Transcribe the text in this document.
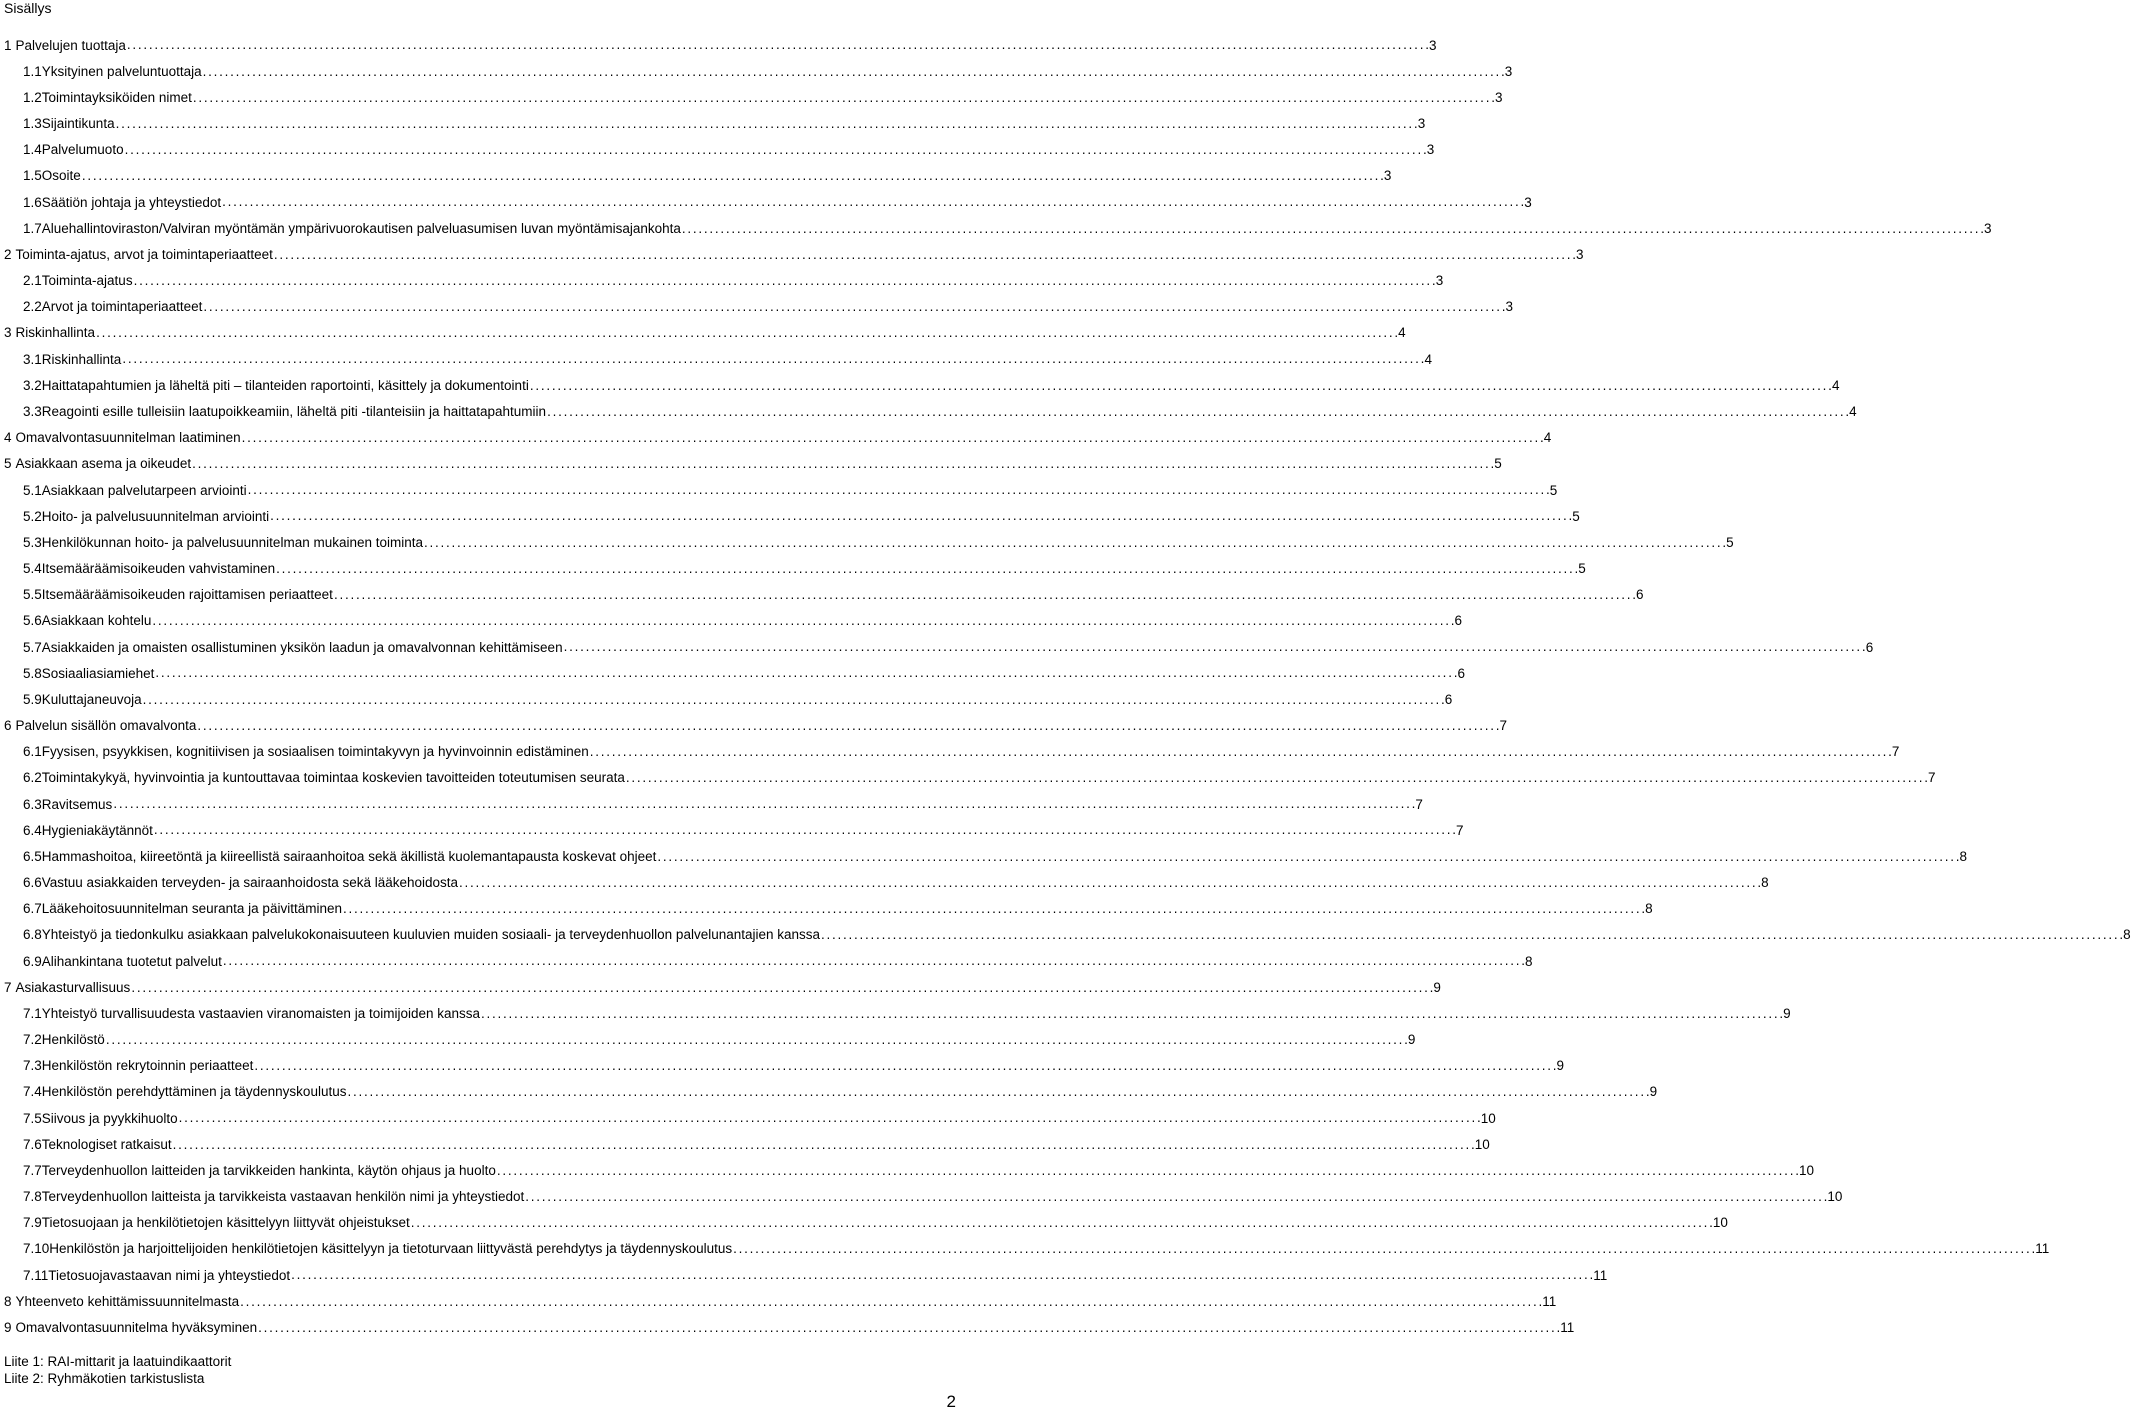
Sisällys
1 Palvelujen tuottaja . . .	3
1.1 Yksityinen palveluntuottaja . . .	3
1.2 Toimintayksiköiden nimet . . .	3
1.3 Sijaintikunta . . .	3
1.4 Palvelumuoto . . .	3
1.5 Osoite . . .	3
1.6 Säätiön johtaja ja yhteystiedot . . .	3
1.7 Aluehallintoviraston/Valviran myöntämän ympärivuorokautisen palveluasumisen luvan myöntämisajankohta . . .	3
2 Toiminta-ajatus, arvot ja toimintaperiaatteet . . .	3
2.1 Toiminta-ajatus . . .	3
2.2 Arvot ja toimintaperiaatteet . . .	3
3 Riskinhallinta . . .	4
3.1 Riskinhallinta . . .	4
3.2 Haittatapahtumien ja läheltä piti – tilanteiden raportointi, käsittely ja dokumentointi . . .	4
3.3 Reagointi esille tulleisiin laatupoikkeamiin, läheltä piti -tilanteisiin ja haittatapahtumiin . . .	4
4 Omavalvontasuunnitelman laatiminen . . .	4
5 Asiakkaan asema ja oikeudet . . .	5
5.1 Asiakkaan palvelutarpeen arviointi . . .	5
5.2 Hoito- ja palvelusuunnitelman arviointi . . .	5
5.3 Henkilökunnan hoito- ja palvelusuunnitelman mukainen toiminta . . .	5
5.4 Itsemääräämisoikeuden vahvistaminen . . .	5
5.5 Itsemääräämisoikeuden rajoittamisen periaatteet . . .	6
5.6 Asiakkaan kohtelu . . .	6
5.7 Asiakkaiden ja omaisten osallistuminen yksikön laadun ja omavalvonnan kehittämiseen . . .	6
5.8 Sosiaaliasiamiehet . . .	6
5.9 Kuluttajaneuvoja . . .	6
6 Palvelun sisällön omavalvonta . . .	7
6.1 Fyysisen, psyykkisen, kognitiivisen ja sosiaalisen toimintakyvyn ja hyvinvoinnin edistäminen . . .	7
6.2 Toimintakykyä, hyvinvointia ja kuntouttavaa toimintaa koskevien tavoitteiden toteutumisen seurata . . .	7
6.3 Ravitsemus . . .	7
6.4 Hygieniakäytännöt . . .	7
6.5 Hammashoitoa, kiireetöntä ja kiireellistä sairaanhoitoa sekä äkillistä kuolemantapausta koskevat ohjeet . . .	8
6.6 Vastuu asiakkaiden terveyden- ja sairaanhoidosta sekä lääkehoidosta . . .	8
6.7 Lääkehoitosuunnitelman seuranta ja päivittäminen . . .	8
6.8 Yhteistyö ja tiedonkulku asiakkaan palvelukokonaisuuteen kuuluvien muiden sosiaali- ja terveydenhuollon palvelunantajien kanssa . . .	8
6.9 Alihankintana tuotetut palvelut . . .	8
7 Asiakasturvallisuus . . .	9
7.1 Yhteistyö turvallisuudesta vastaavien viranomaisten ja toimijoiden kanssa . . .	9
7.2 Henkilöstö . . .	9
7.3 Henkilöstön rekrytoinnin periaatteet . . .	9
7.4 Henkilöstön perehdyttäminen ja täydennyskoulutus . . .	9
7.5 Siivous ja pyykkihuolto . . .	10
7.6 Teknologiset ratkaisut . . .	10
7.7 Terveydenhuollon laitteiden ja tarvikkeiden hankinta, käytön ohjaus ja huolto . . .	10
7.8 Terveydenhuollon laitteista ja tarvikkeista vastaavan henkilön nimi ja yhteystiedot . . .	10
7.9 Tietosuojaan ja henkilötietojen käsittelyyn liittyvät ohjeistukset . . .	10
7.10 Henkilöstön ja harjoittelijoiden henkilötietojen käsittelyyn ja tietoturvaan liittyvästä perehdytys ja täydennyskoulutus . . .	11
7.11 Tietosuojavastaavan nimi ja yhteystiedot . . .	11
8 Yhteenveto kehittämissuunnitelmasta . . .	11
9 Omavalvontasuunnitelma hyväksyminen . . .	11
Liite 1: RAI-mittarit ja laatuindikaattorit
Liite 2: Ryhmäkotien tarkistuslista
2
